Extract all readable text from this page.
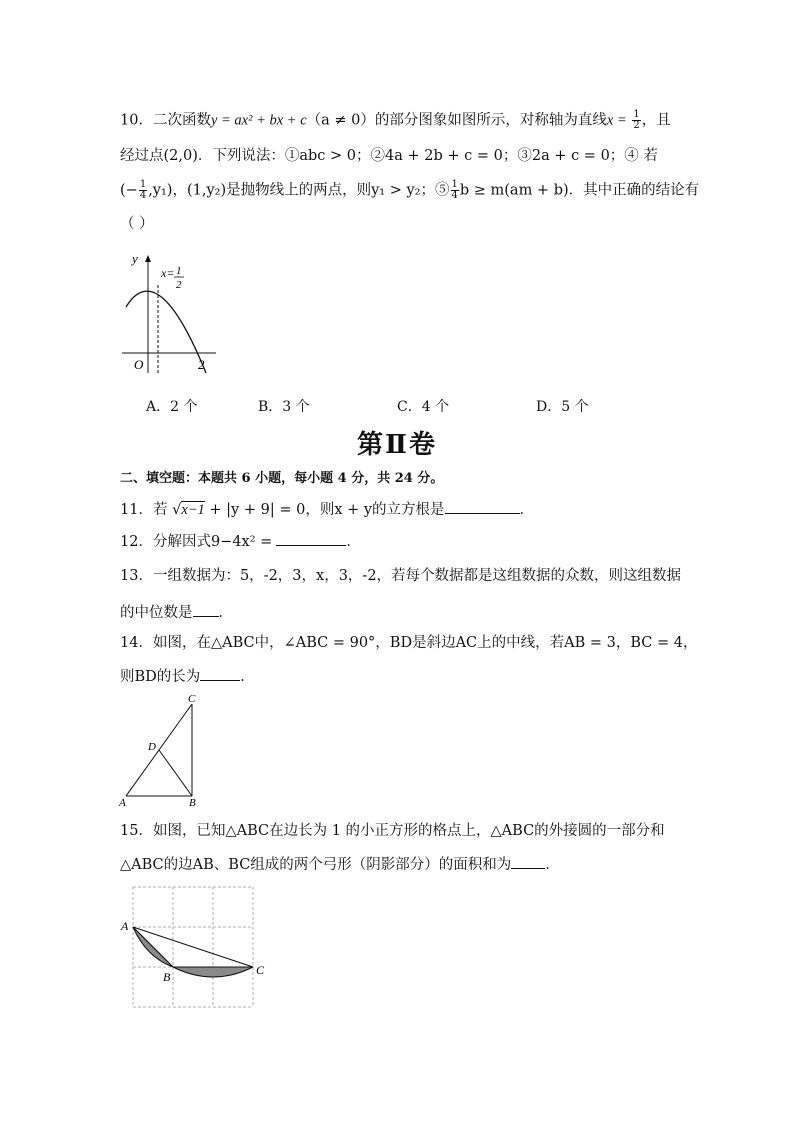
10．二次函数y = ax² + bx + c（a ≠ 0）的部分图象如图所示，对称轴为直线$x = \frac{1}{2}$ ，且
经过点(2,0)．下列说法：①abc > 0；②4a + 2b + c = 0；③2a + c = 0；④ 若
(− $\frac{1}{4} ,y_1$)，(1,y₂)是抛物线上的两点，则y₁ > y₂；⑤ $\frac{1}{4}$ b ≥ m(am + b)．其中正确的结论有
（ ）
y
x= 1
2
O	2
A．2 个	B．3 个	C．4 个	D．5 个
第Ⅱ卷
二、填空题：本题共 6 小题，每小题 4 分，共 24 分。
11．若 √x−1 + |y + 9| = 0，则x + y的立方根是	．
12．分解因式9−4x² =	．
13．一组数据为：5，-2，3，x，3，-2，若每个数据都是这组数据的众数，则这组数据
的中位数是 ．
14．如图，在△ABC中，∠ABC = 90°，BD是斜边AC上的中线，若AB = 3，BC = 4，
则BD的长为	．
A	B
C
D
15．如图，已知△ABC在边长为 1 的小正方形的格点上，△ABC的外接圆的一部分和
△ABC的边AB、BC组成的两个弓形（阴影部分）的面积和为 ．
A
B	C
